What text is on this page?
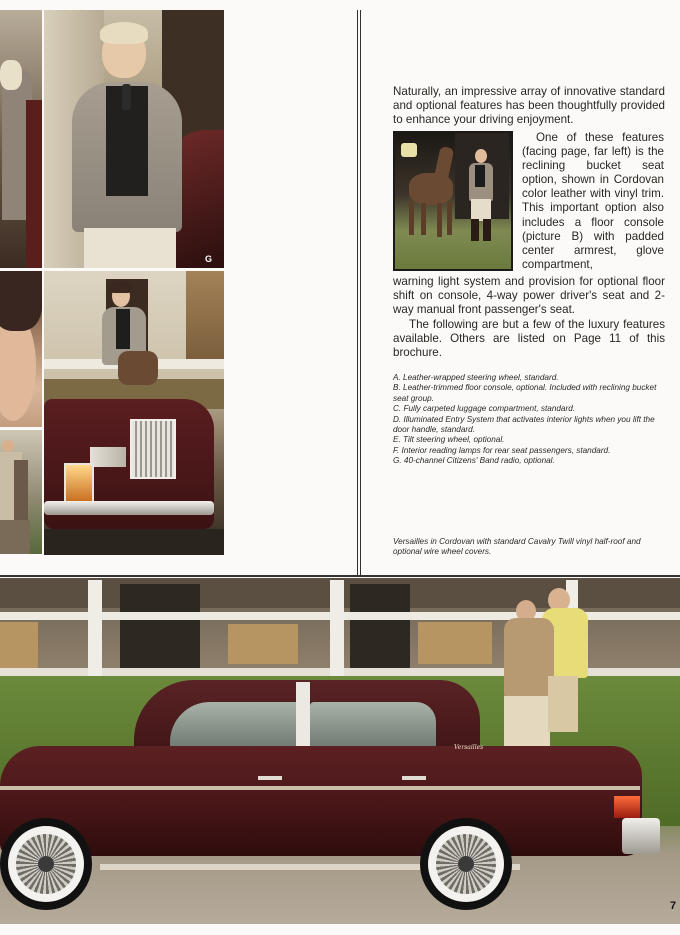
G
Naturally, an impressive array of innovative standard and optional features has been thoughtfully provided to enhance your driving enjoyment.
One of these features (facing page, far left) is the reclining bucket seat option, shown in Cordovan color leather with vinyl trim. This important option also includes a floor console (picture B) with padded center armrest, glove compartment,
warning light system and provision for optional floor shift on console, 4-way power driver's seat and 2-way manual front passenger's seat.
The following are but a few of the luxury features available. Others are listed on Page 11 of this brochure.
A. Leather-wrapped steering wheel, standard.
B. Leather-trimmed floor console, optional. Included with reclining bucket seat group.
C. Fully carpeted luggage compartment, standard.
D. Illuminated Entry System that activates interior lights when you lift the door handle, standard.
E. Tilt steering wheel, optional.
F. Interior reading lamps for rear seat passengers, standard.
G. 40-channel Citizens' Band radio, optional.
Versailles in Cordovan with standard Cavalry Twill vinyl half-roof and optional wire wheel covers.
Versailles
7
